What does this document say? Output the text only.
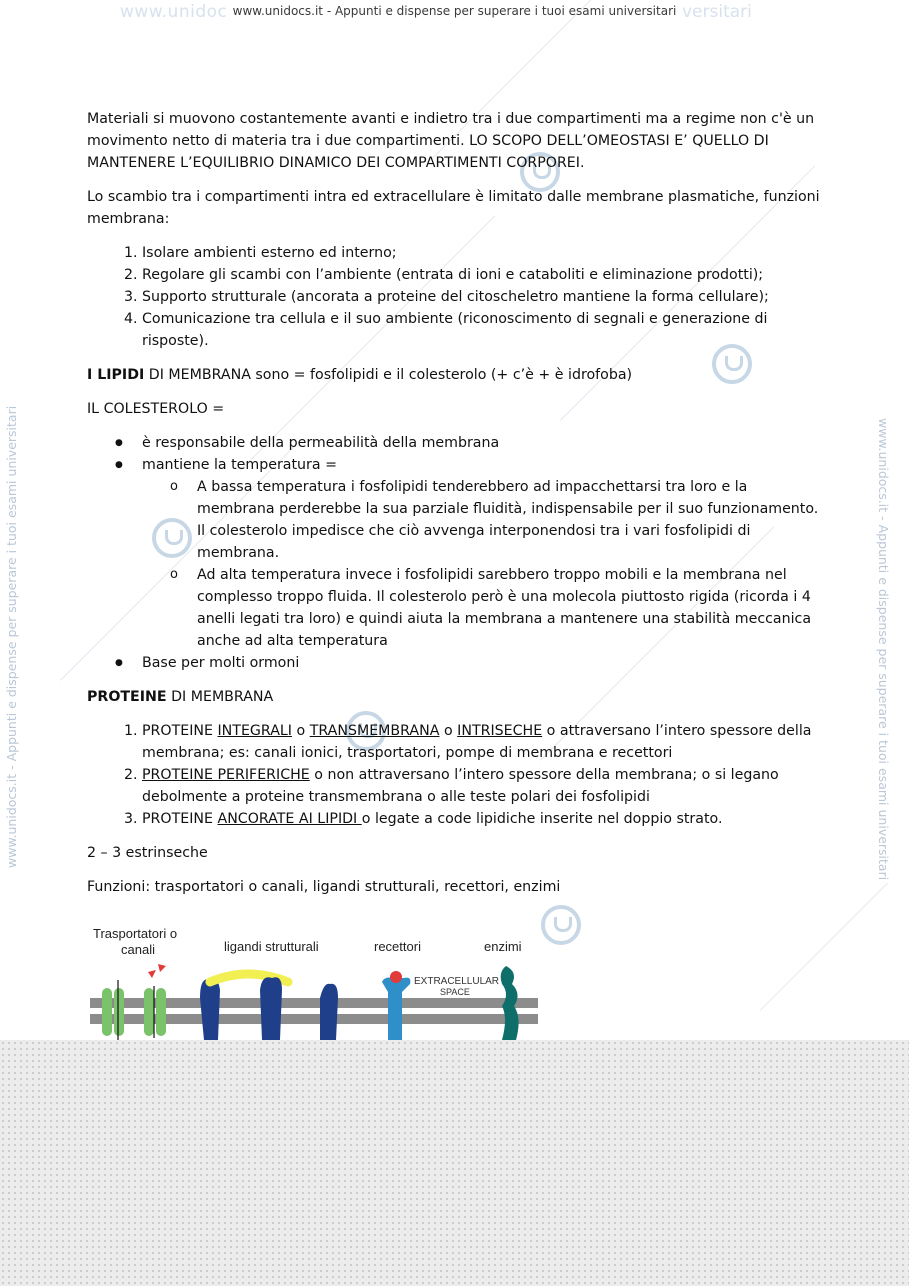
www.unidoc	versitari
www.unidocs.it - Appunti e dispense per superare i tuoi esami universitari
www.unidocs.it - Appunti e dispense per superare i tuoi esami universitari	www.unidocs.it - Appunti e dispense per superare i tuoi esami universitari

Materiali si muovono costantemente avanti e indietro tra i due compartimenti ma a regime non c'è un movimento netto di materia tra i due compartimenti. LO SCOPO DELL’OMEOSTASI E’ QUELLO DI MANTENERE L’EQUILIBRIO DINAMICO DEI COMPARTIMENTI CORPOREI.

Lo scambio tra i compartimenti intra ed extracellulare è limitato dalle membrane plasmatiche, funzioni membrana:

1. Isolare ambienti esterno ed interno;
2. Regolare gli scambi con l’ambiente (entrata di ioni e cataboliti e eliminazione prodotti);
3. Supporto strutturale (ancorata a proteine del citoscheletro mantiene la forma cellulare);
4. Comunicazione tra cellula e il suo ambiente (riconoscimento di segnali e generazione di risposte).

I LIPIDI DI MEMBRANA sono = fosfolipidi e il colesterolo (+ c’è + è idrofoba)

IL COLESTEROLO =

● è responsabile della permeabilità della membrana
● mantiene la temperatura =
o A bassa temperatura i fosfolipidi tenderebbero ad impacchettarsi tra loro e la membrana perderebbe la sua parziale fluidità, indispensabile per il suo funzionamento. Il colesterolo impedisce che ciò avvenga interponendosi tra i vari fosfolipidi di membrana.
o Ad alta temperatura invece i fosfolipidi sarebbero troppo mobili e la membrana nel complesso troppo fluida. Il colesterolo però è una molecola piuttosto rigida (ricorda i 4 anelli legati tra loro) e quindi aiuta la membrana a mantenere una stabilità meccanica anche ad alta temperatura
● Base per molti ormoni

PROTEINE DI MEMBRANA

1. PROTEINE INTEGRALI o TRANSMEMBRANA o INTRISECHE o attraversano l’intero spessore della membrana; es: canali ionici, trasportatori, pompe di membrana e recettori
2. PROTEINE PERIFERICHE o non attraversano l’intero spessore della membrana; o si legano debolmente a proteine transmembrana o alle teste polari dei fosfolipidi
3. PROTEINE ANCORATE AI LIPIDI o legate a code lipidiche inserite nel doppio strato.

2 – 3 estrinseche

Funzioni: trasportatori o canali, ligandi strutturali, recettori, enzimi

Trasportatori o
canali	ligandi strutturali	recettori	enzimi
EXTRACELLULAR
SPACE
